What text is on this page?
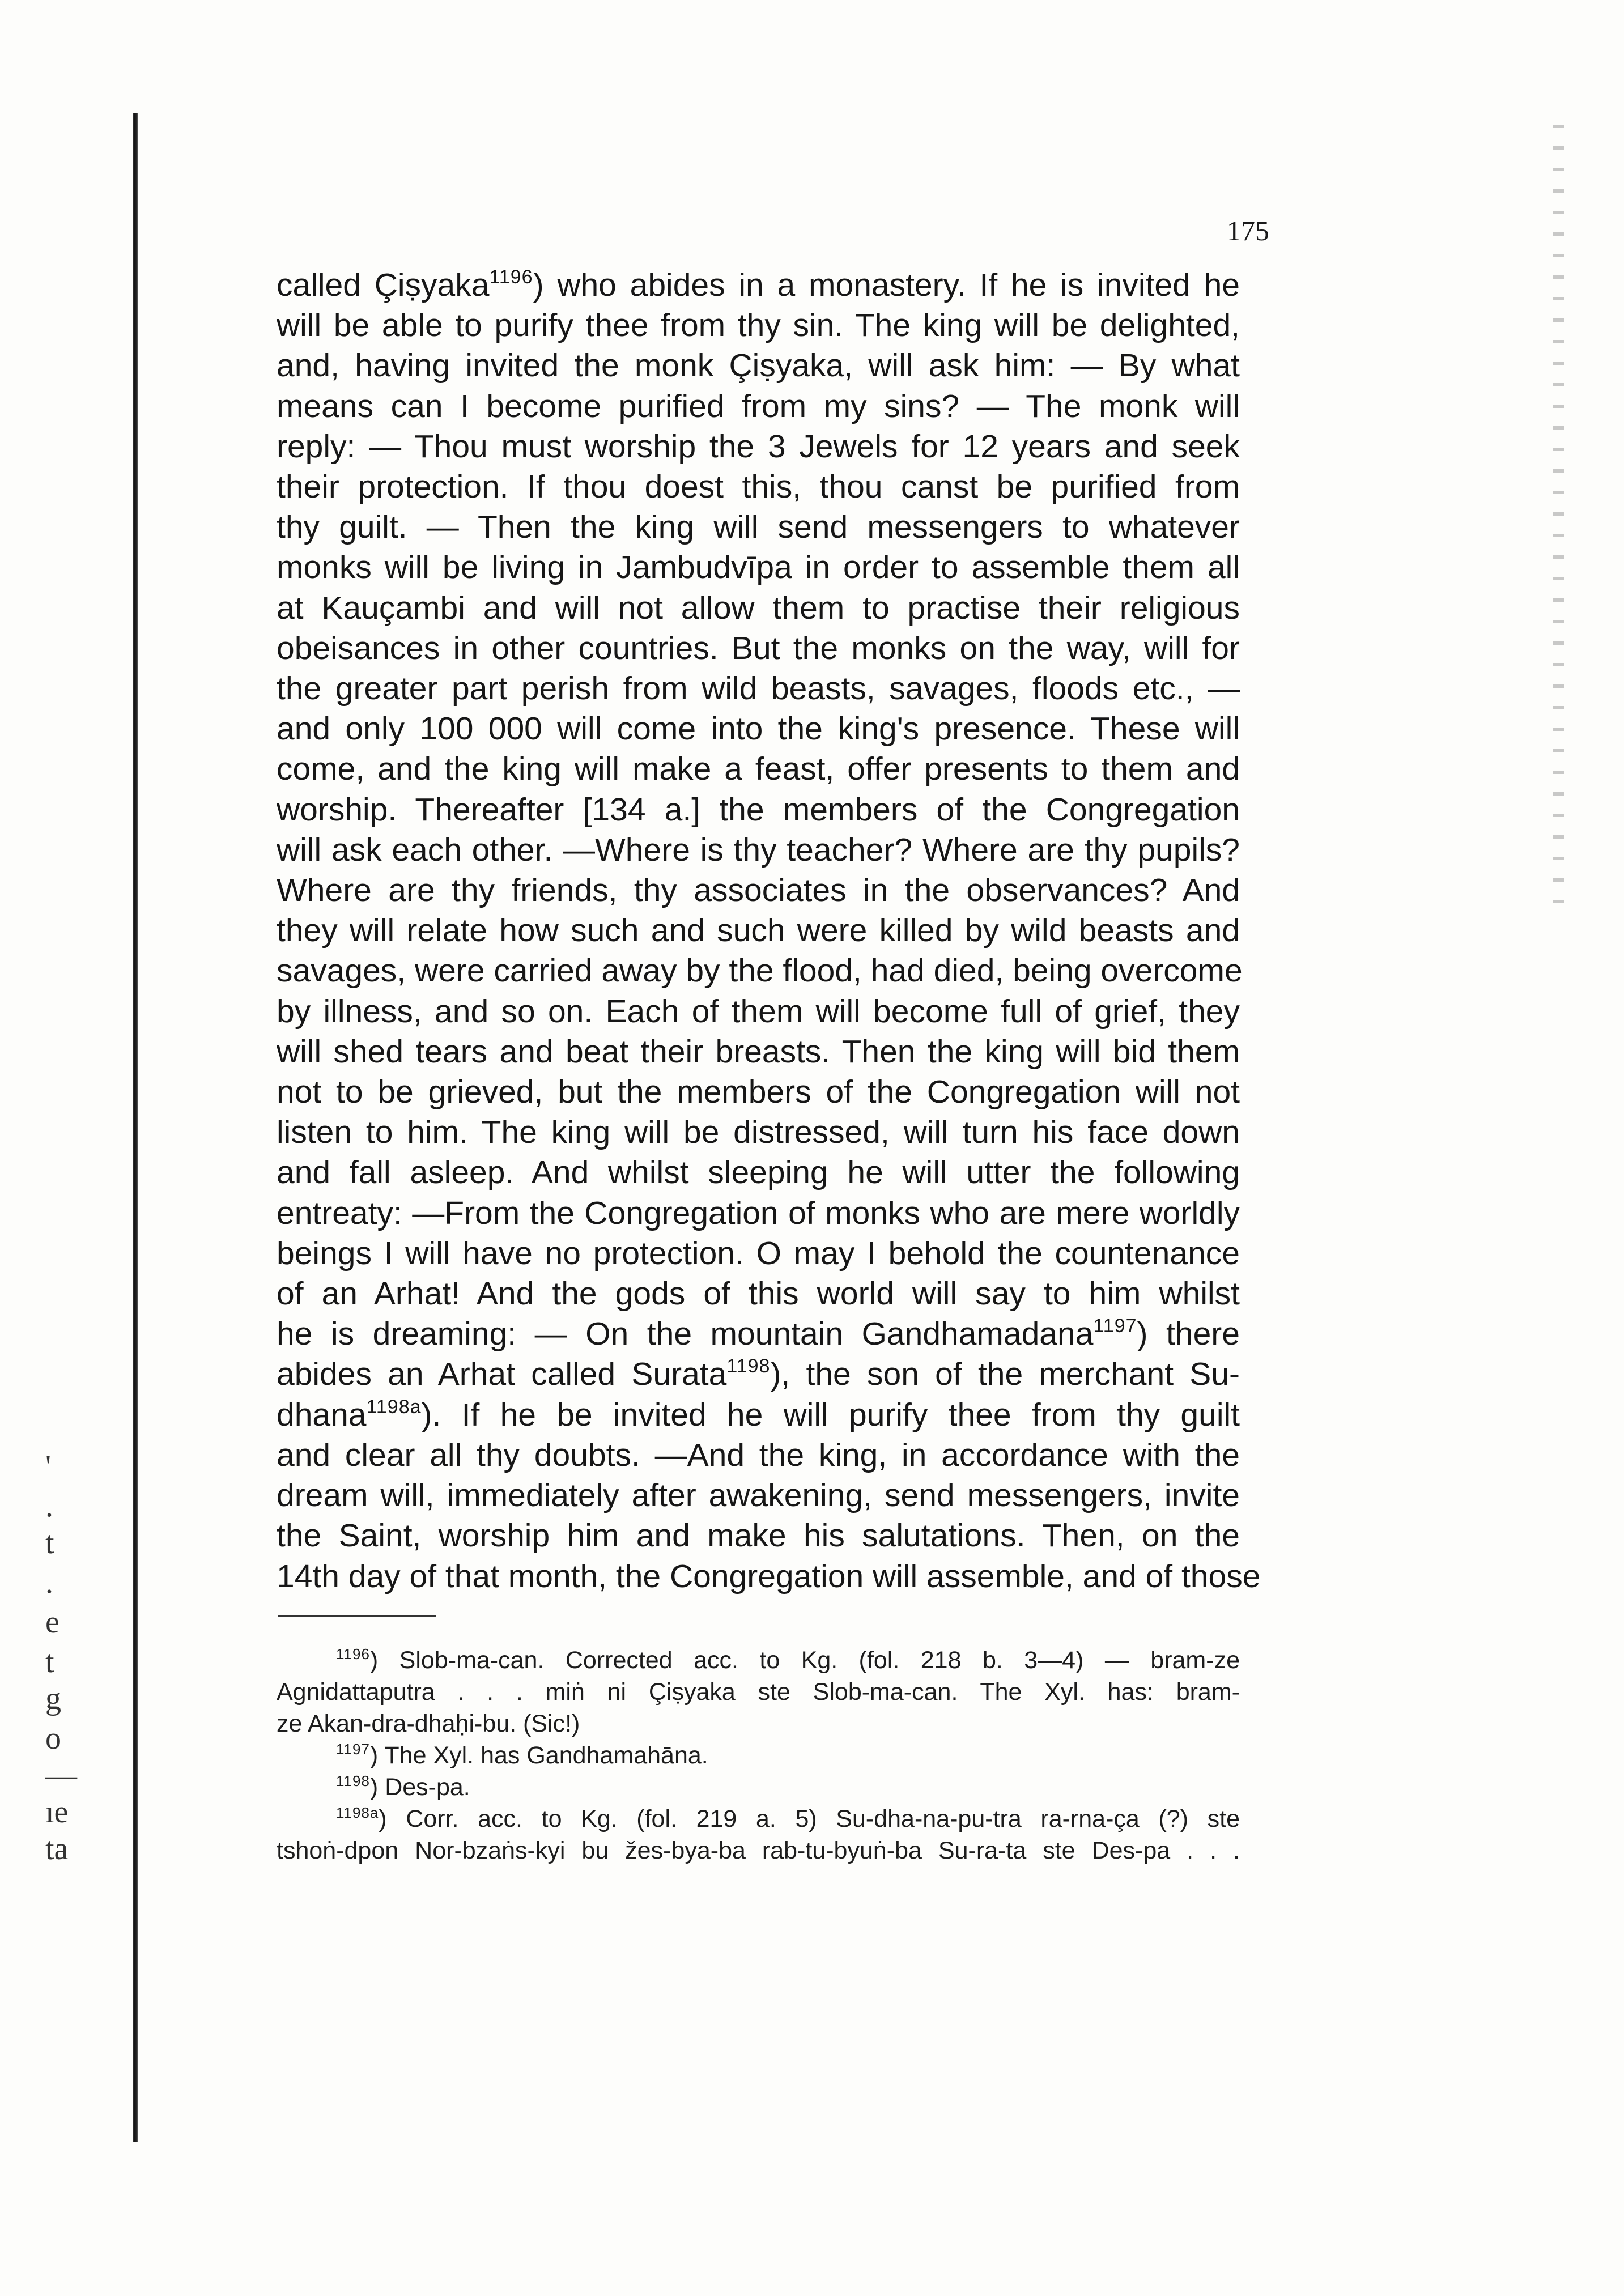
'
.
t
.
e
t
g
o
—
ıe
ta
175
called Çiṣyaka$^{1196}$) who abides in a monastery. If he is invited he
will be able to purify thee from thy sin. The king will be delighted,
and, having invited the monk Çiṣyaka, will ask him: — By what
means can I become purified from my sins? — The monk will
reply: — Thou must worship the 3 Jewels for 12 years and seek
their protection. If thou doest this, thou canst be purified from
thy guilt. — Then the king will send messengers to whatever
monks will be living in Jambudvīpa in order to assemble them all
at Kauçambi and will not allow them to practise their religious
obeisances in other countries. But the monks on the way, will for
the greater part perish from wild beasts, savages, floods etc., —
and only 100 000 will come into the king's presence. These will
come, and the king will make a feast, offer presents to them and
worship. Thereafter [134 a.] the members of the Congregation
will ask each other. —Where is thy teacher? Where are thy pupils?
Where are thy friends, thy associates in the observances? And
they will relate how such and such were killed by wild beasts and
savages, were carried away by the flood, had died, being overcome
by illness, and so on. Each of them will become full of grief, they
will shed tears and beat their breasts. Then the king will bid them
not to be grieved, but the members of the Congregation will not
listen to him. The king will be distressed, will turn his face down
and fall asleep. And whilst sleeping he will utter the following
entreaty: —From the Congregation of monks who are mere worldly
beings I will have no protection. O may I behold the countenance
of an Arhat! And the gods of this world will say to him whilst
he is dreaming: — On the mountain Gandhamadana$^{1197}$) there
abides an Arhat called Surata$^{1198}$), the son of the merchant Su-
dhana$^{1198a}$). If he be invited he will purify thee from thy guilt
and clear all thy doubts. —And the king, in accordance with the
dream will, immediately after awakening, send messengers, invite
the Saint, worship him and make his salutations. Then, on the
14th day of that month, the Congregation will assemble, and of those
$^{1196}$) Slob-ma-can. Corrected acc. to Kg. (fol. 218 b. 3—4) — bram-ze
Agnidattaputra . . . miṅ ni Çiṣyaka ste Slob-ma-can. The Xyl. has: bram-
ze Akan-dra-dhaḥi-bu. (Sic!)
$^{1197}$) The Xyl. has Gandhamahāna.
$^{1198}$) Des-pa.
$^{1198a}$) Corr. acc. to Kg. (fol. 219 a. 5) Su-dha-na-pu-tra ra-rna-ça (?) ste
tshoṅ-dpon Nor-bzaṅs-kyi bu žes-bya-ba rab-tu-byuṅ-ba Su-ra-ta ste Des-pa . . .
